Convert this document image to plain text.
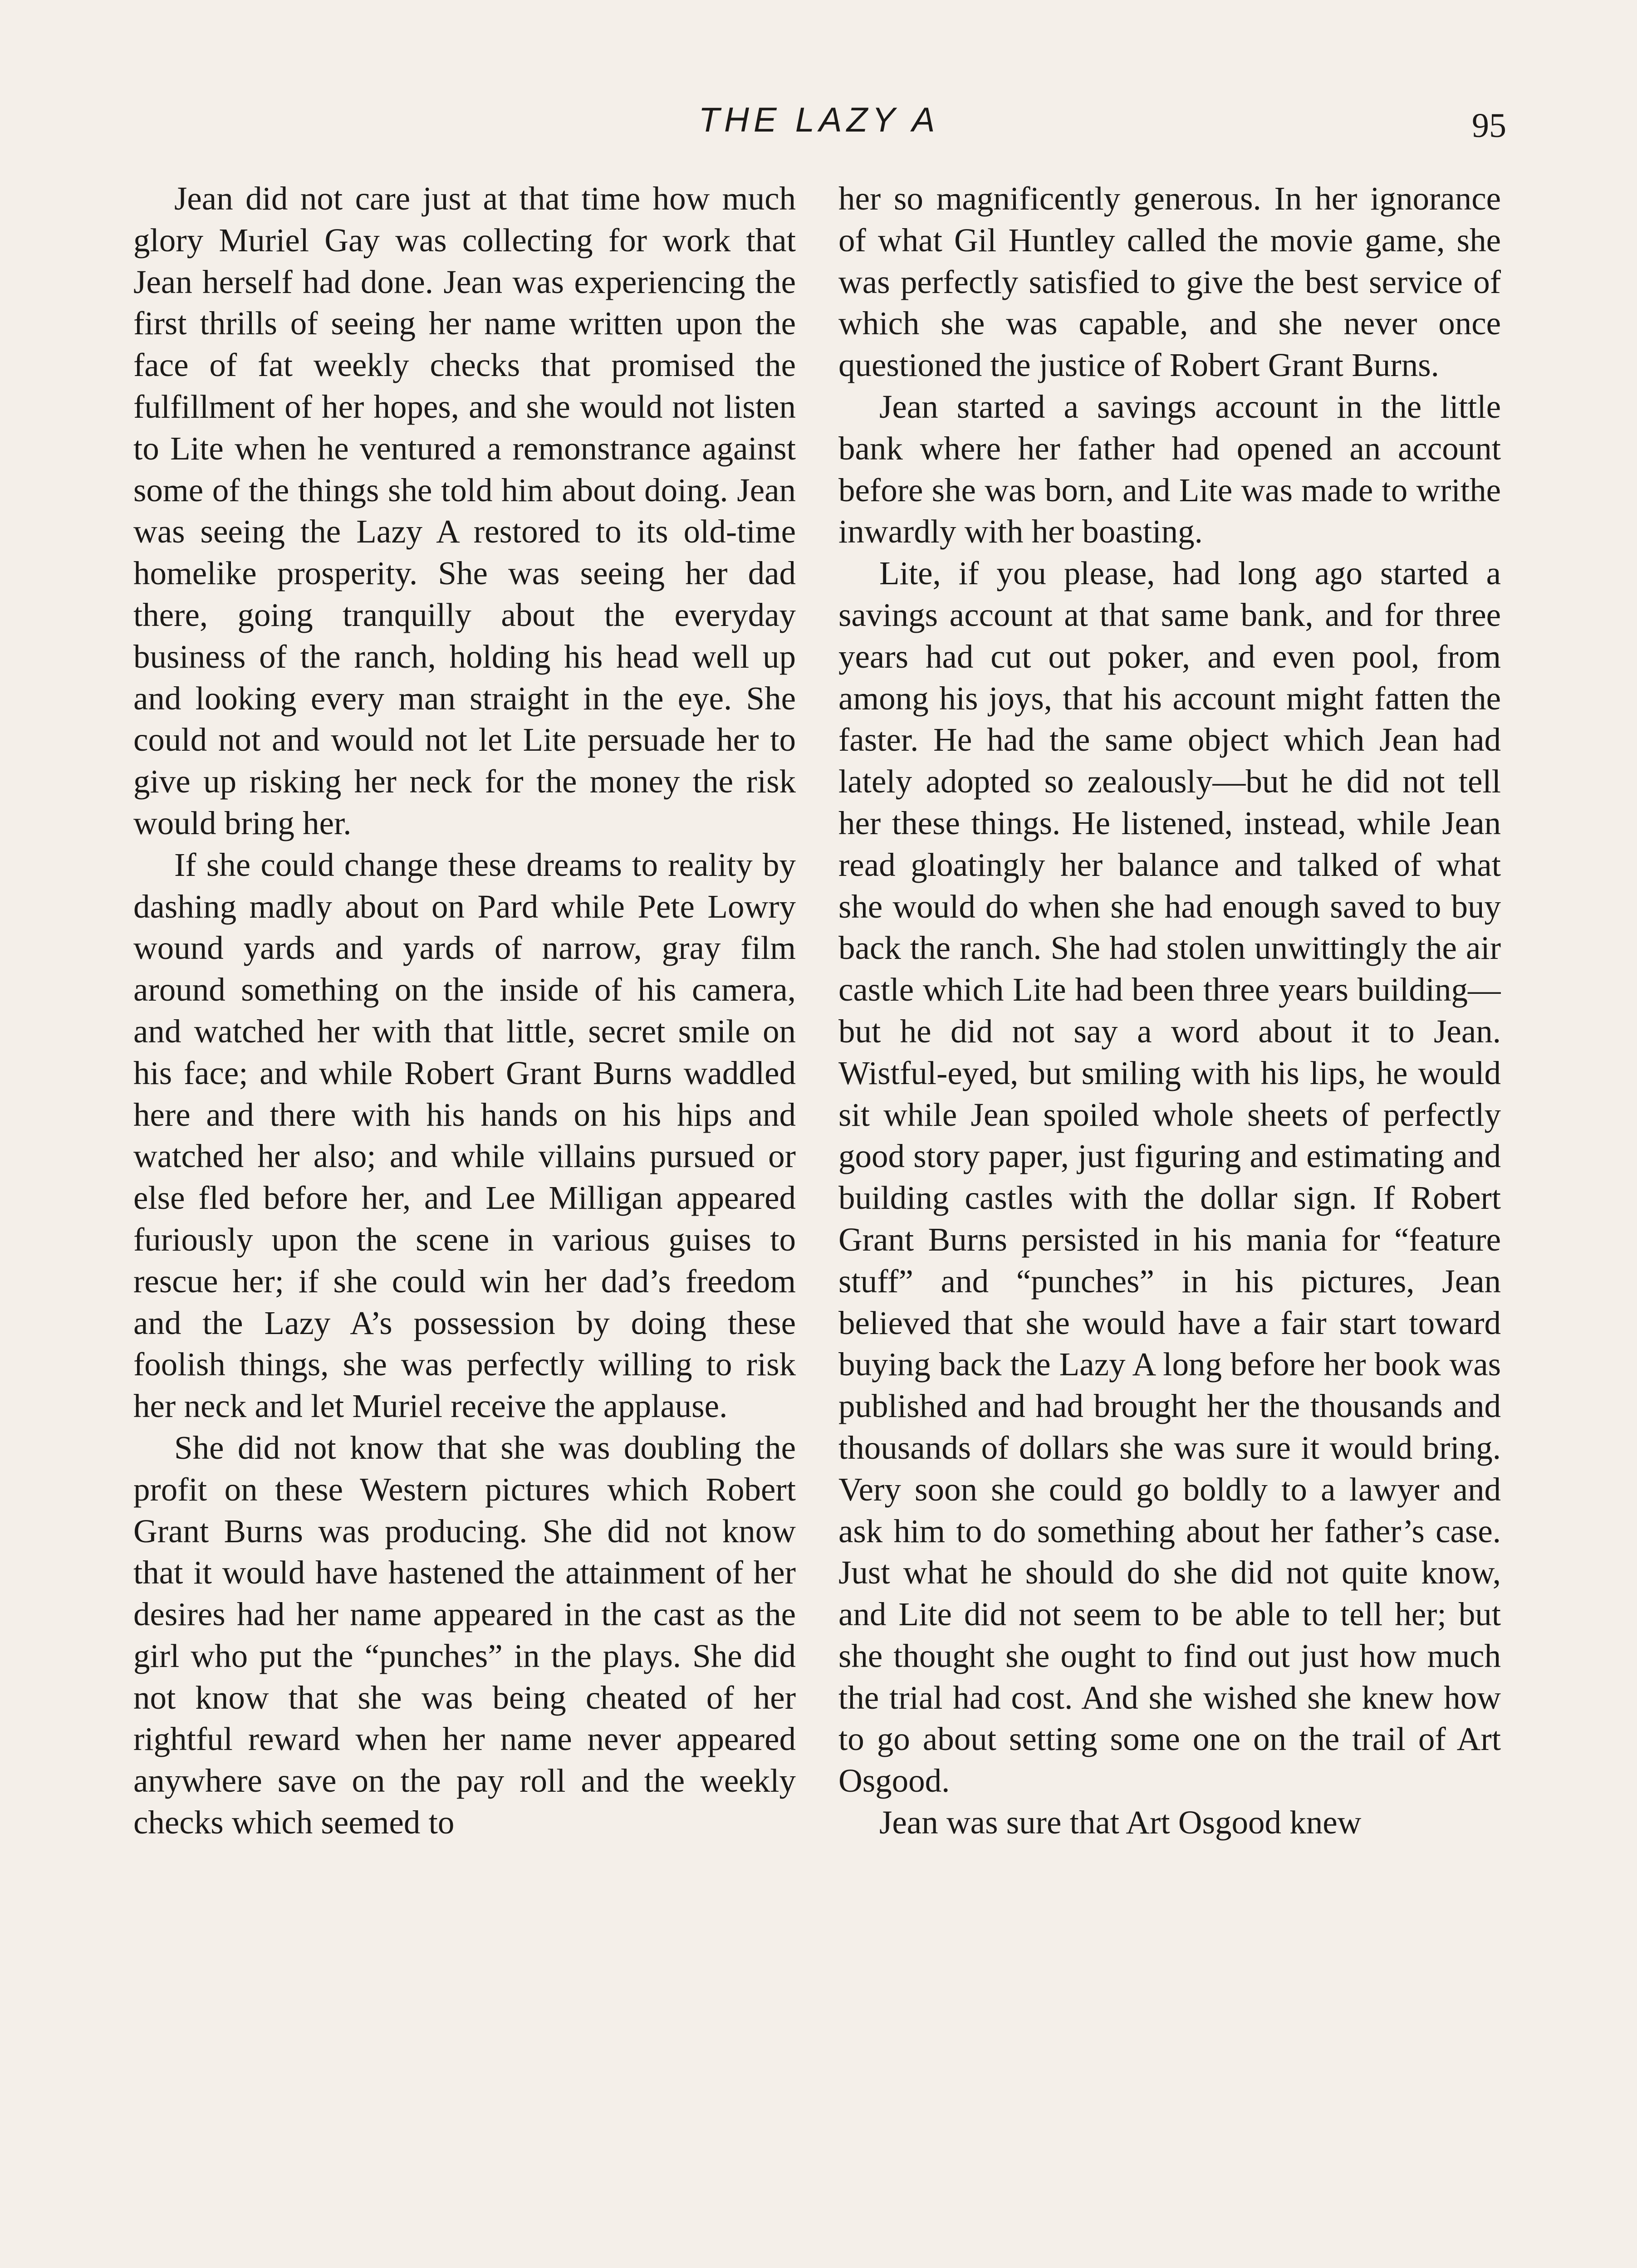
THE LAZY A	95

Jean did not care just at that time how much glory Muriel Gay was collecting for work that Jean herself had done. Jean was experiencing the first thrills of seeing her name written upon the face of fat weekly checks that promised the fulfillment of her hopes, and she would not listen to Lite when he ventured a remonstrance against some of the things she told him about doing. Jean was seeing the Lazy A restored to its old-time homelike prosperity. She was seeing her dad there, going tranquilly about the everyday business of the ranch, holding his head well up and looking every man straight in the eye. She could not and would not let Lite persuade her to give up risking her neck for the money the risk would bring her.

If she could change these dreams to reality by dashing madly about on Pard while Pete Lowry wound yards and yards of narrow, gray film around something on the inside of his camera, and watched her with that little, secret smile on his face; and while Robert Grant Burns waddled here and there with his hands on his hips and watched her also; and while villains pursued or else fled before her, and Lee Milligan appeared furiously upon the scene in various guises to rescue her; if she could win her dad’s freedom and the Lazy A’s possession by doing these foolish things, she was perfectly willing to risk her neck and let Muriel receive the applause.

She did not know that she was doubling the profit on these Western pictures which Robert Grant Burns was producing. She did not know that it would have hastened the attainment of her desires had her name appeared in the cast as the girl who put the “punches” in the plays. She did not know that she was being cheated of her rightful reward when her name never appeared anywhere save on the pay roll and the weekly checks which seemed to

her so magnificently generous. In her ignorance of what Gil Huntley called the movie game, she was perfectly satisfied to give the best service of which she was capable, and she never once questioned the justice of Robert Grant Burns.

Jean started a savings account in the little bank where her father had opened an account before she was born, and Lite was made to writhe inwardly with her boasting.

Lite, if you please, had long ago started a savings account at that same bank, and for three years had cut out poker, and even pool, from among his joys, that his account might fatten the faster. He had the same object which Jean had lately adopted so zealously—but he did not tell her these things. He listened, instead, while Jean read gloatingly her balance and talked of what she would do when she had enough saved to buy back the ranch. She had stolen unwittingly the air castle which Lite had been three years building—but he did not say a word about it to Jean. Wistful-eyed, but smiling with his lips, he would sit while Jean spoiled whole sheets of perfectly good story paper, just figuring and estimating and building castles with the dollar sign. If Robert Grant Burns persisted in his mania for “feature stuff” and “punches” in his pictures, Jean believed that she would have a fair start toward buying back the Lazy A long before her book was published and had brought her the thousands and thousands of dollars she was sure it would bring. Very soon she could go boldly to a lawyer and ask him to do something about her father’s case. Just what he should do she did not quite know, and Lite did not seem to be able to tell her; but she thought she ought to find out just how much the trial had cost. And she wished she knew how to go about setting some one on the trail of Art Osgood.

Jean was sure that Art Osgood knew
